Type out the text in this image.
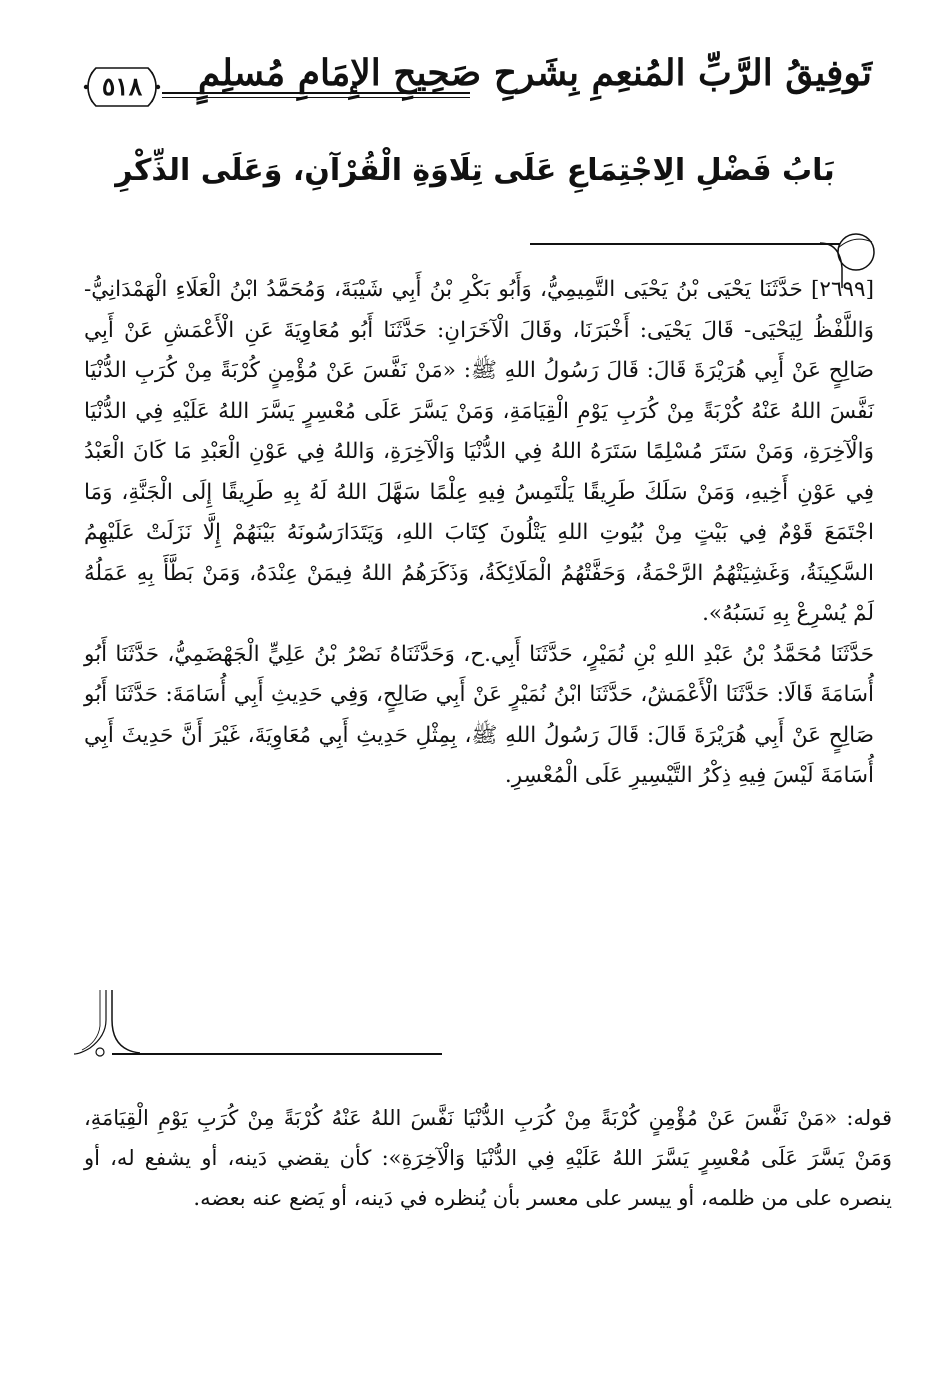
٥١٨ تَوفِيقُ الرَّبِّ المُنعِمِ بِشَرحِ صَحِيحِ الإِمَامِ مُسلِمٍ
بَابُ فَضْلِ الِاجْتِمَاعِ عَلَى تِلَاوَةِ الْقُرْآنِ، وَعَلَى الذِّكْرِ

[٢٦٩٩] حَدَّثَنَا يَحْيَى بْنُ يَحْيَى التَّمِيمِيُّ، وَأَبُو بَكْرِ بْنُ أَبِي شَيْبَةَ، وَمُحَمَّدُ ابْنُ الْعَلَاءِ الْهَمْدَانِيُّ- وَاللَّفْظُ لِيَحْيَى- قَالَ يَحْيَى: أَخْبَرَنَا، وقَالَ الْآخَرَانِ: حَدَّثَنَا أَبُو مُعَاوِيَةَ عَنِ الْأَعْمَشِ عَنْ أَبِي صَالِحٍ عَنْ أَبِي هُرَيْرَةَ قَالَ: قَالَ رَسُولُ اللهِ ﷺ: «مَنْ نَفَّسَ عَنْ مُؤْمِنٍ كُرْبَةً مِنْ كُرَبِ الدُّنْيَا نَفَّسَ اللهُ عَنْهُ كُرْبَةً مِنْ كُرَبِ يَوْمِ الْقِيَامَةِ، وَمَنْ يَسَّرَ عَلَى مُعْسِرٍ يَسَّرَ اللهُ عَلَيْهِ فِي الدُّنْيَا وَالْآخِرَةِ، وَمَنْ سَتَرَ مُسْلِمًا سَتَرَهُ اللهُ فِي الدُّنْيَا وَالْآخِرَةِ، وَاللهُ فِي عَوْنِ الْعَبْدِ مَا كَانَ الْعَبْدُ فِي عَوْنِ أَخِيهِ، وَمَنْ سَلَكَ طَرِيقًا يَلْتَمِسُ فِيهِ عِلْمًا سَهَّلَ اللهُ لَهُ بِهِ طَرِيقًا إِلَى الْجَنَّةِ، وَمَا اجْتَمَعَ قَوْمٌ فِي بَيْتٍ مِنْ بُيُوتِ اللهِ يَتْلُونَ كِتَابَ اللهِ، وَيَتَدَارَسُونَهُ بَيْنَهُمْ إِلَّا نَزَلَتْ عَلَيْهِمُ السَّكِينَةُ، وَغَشِيَتْهُمُ الرَّحْمَةُ، وَحَفَّتْهُمُ الْمَلَائِكَةُ، وَذَكَرَهُمُ اللهُ فِيمَنْ عِنْدَهُ، وَمَنْ بَطَّأَ بِهِ عَمَلُهُ لَمْ يُسْرِعْ بِهِ نَسَبُهُ».

حَدَّثَنَا مُحَمَّدُ بْنُ عَبْدِ اللهِ بْنِ نُمَيْرٍ، حَدَّثَنَا أَبِي.ح، وَحَدَّثَنَاهُ نَصْرُ بْنُ عَلِيٍّ الْجَهْضَمِيُّ، حَدَّثَنَا أَبُو أُسَامَةَ قَالَا: حَدَّثَنَا الْأَعْمَشُ، حَدَّثَنَا ابْنُ نُمَيْرٍ عَنْ أَبِي صَالِحٍ، وَفِي حَدِيثِ أَبِي أُسَامَةَ: حَدَّثَنَا أَبُو صَالِحٍ عَنْ أَبِي هُرَيْرَةَ قَالَ: قَالَ رَسُولُ اللهِ ﷺ، بِمِثْلِ حَدِيثِ أَبِي مُعَاوِيَةَ، غَيْرَ أَنَّ حَدِيثَ أَبِي أُسَامَةَ لَيْسَ فِيهِ ذِكْرُ التَّيْسِيرِ عَلَى الْمُعْسِرِ.

قوله: «مَنْ نَفَّسَ عَنْ مُؤْمِنٍ كُرْبَةً مِنْ كُرَبِ الدُّنْيَا نَفَّسَ اللهُ عَنْهُ كُرْبَةً مِنْ كُرَبِ يَوْمِ الْقِيَامَةِ، وَمَنْ يَسَّرَ عَلَى مُعْسِرٍ يَسَّرَ اللهُ عَلَيْهِ فِي الدُّنْيَا وَالْآخِرَةِ»: كأن يقضي دَينه، أو يشفع له، أو ينصره على من ظلمه، أو ييسر على معسر بأن يُنظره في دَينه، أو يَضع عنه بعضه.
